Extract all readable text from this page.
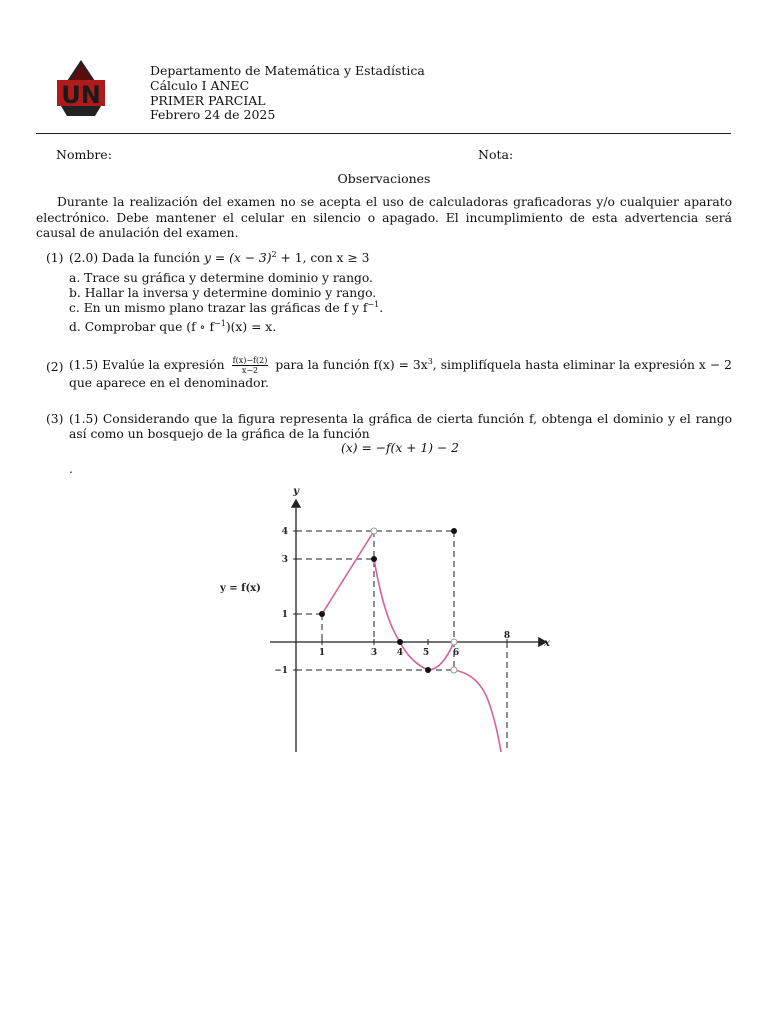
UN
Departamento de Matemática y Estadística
Cálculo I ANEC
PRIMER PARCIAL
Febrero 24 de 2025
Nombre:	Nota:
Observaciones
Durante la realización del examen no se acepta el uso de calculadoras graficadoras y/o cualquier aparato electrónico. Debe mantener el celular en silencio o apagado. El incumplimiento de esta advertencia será causal de anulación del examen.
(1) (2.0) Dada la función $y = (x - 3)^2 + 1$, con x ≥ 3
a. Trace su gráfica y determine dominio y rango.
b. Hallar la inversa y determine dominio y rango.
c. En un mismo plano trazar las gráficas de f y $f^{-1}$.
d. Comprobar que (f ∘ $f^{-1})(x) = x$.
(2) (1.5) Evalúe la expresión $\frac{f(x)-f(2)}{x-2}$ para la función $f(x) = 3x^3$, simplifíquela hasta eliminar la expresión x − 2 que aparece en el denominador.
(3) (1.5) Considerando que la figura representa la gráfica de cierta función f, obtenga el dominio y el rango así como un bosquejo de la gráfica de la función
(x) = −f(x + 1) − 2
.
1	3 4 5	6
8
4
3
1
−1
y
x
y = f(x)
